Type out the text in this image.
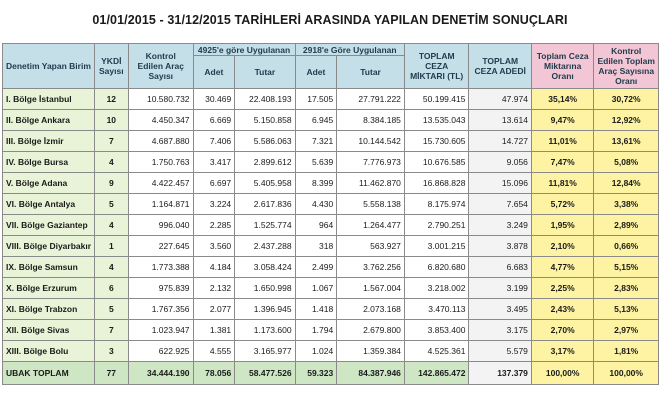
01/01/2015 - 31/12/2015 TARİHLERİ ARASINDA YAPILAN DENETİM SONUÇLARI
Denetim Yapan Birim	YKDİ Sayısı	Kontrol Edilen Araç Sayısı	4925'e göre Uygulanan		2918'e Göre Uygulanan		TOPLAM CEZA MİKTARI (TL)	TOPLAM CEZA ADEDİ	Toplam Ceza Miktarına Oranı	Kontrol Edilen Toplam Araç Sayısına Oranı
			Adet	Tutar	Adet	Tutar				
I. Bölge İstanbul	12	10.580.732	30.469	22.408.193	17.505	27.791.222	50.199.415	47.974	35,14%	30,72%
II. Bölge Ankara	10	4.450.347	6.669	5.150.858	6.945	8.384.185	13.535.043	13.614	9,47%	12,92%
III. Bölge İzmir	7	4.687.880	7.406	5.586.063	7.321	10.144.542	15.730.605	14.727	11,01%	13,61%
IV. Bölge Bursa	4	1.750.763	3.417	2.899.612	5.639	7.776.973	10.676.585	9.056	7,47%	5,08%
V. Bölge Adana	9	4.422.457	6.697	5.405.958	8.399	11.462.870	16.868.828	15.096	11,81%	12,84%
VI. Bölge Antalya	5	1.164.871	3.224	2.617.836	4.430	5.558.138	8.175.974	7.654	5,72%	3,38%
VII. Bölge Gaziantep	4	996.040	2.285	1.525.774	964	1.264.477	2.790.251	3.249	1,95%	2,89%
VIII. Bölge Diyarbakır	1	227.645	3.560	2.437.288	318	563.927	3.001.215	3.878	2,10%	0,66%
IX. Bölge Samsun	4	1.773.388	4.184	3.058.424	2.499	3.762.256	6.820.680	6.683	4,77%	5,15%
X. Bölge Erzurum	6	975.839	2.132	1.650.998	1.067	1.567.004	3.218.002	3.199	2,25%	2,83%
XI. Bölge Trabzon	5	1.767.356	2.077	1.396.945	1.418	2.073.168	3.470.113	3.495	2,43%	5,13%
XII. Bölge Sivas	7	1.023.947	1.381	1.173.600	1.794	2.679.800	3.853.400	3.175	2,70%	2,97%
XIII. Bölge Bolu	3	622.925	4.555	3.165.977	1.024	1.359.384	4.525.361	5.579	3,17%	1,81%
UBAK TOPLAM	77	34.444.190	78.056	58.477.526	59.323	84.387.946	142.865.472	137.379	100,00%	100,00%
